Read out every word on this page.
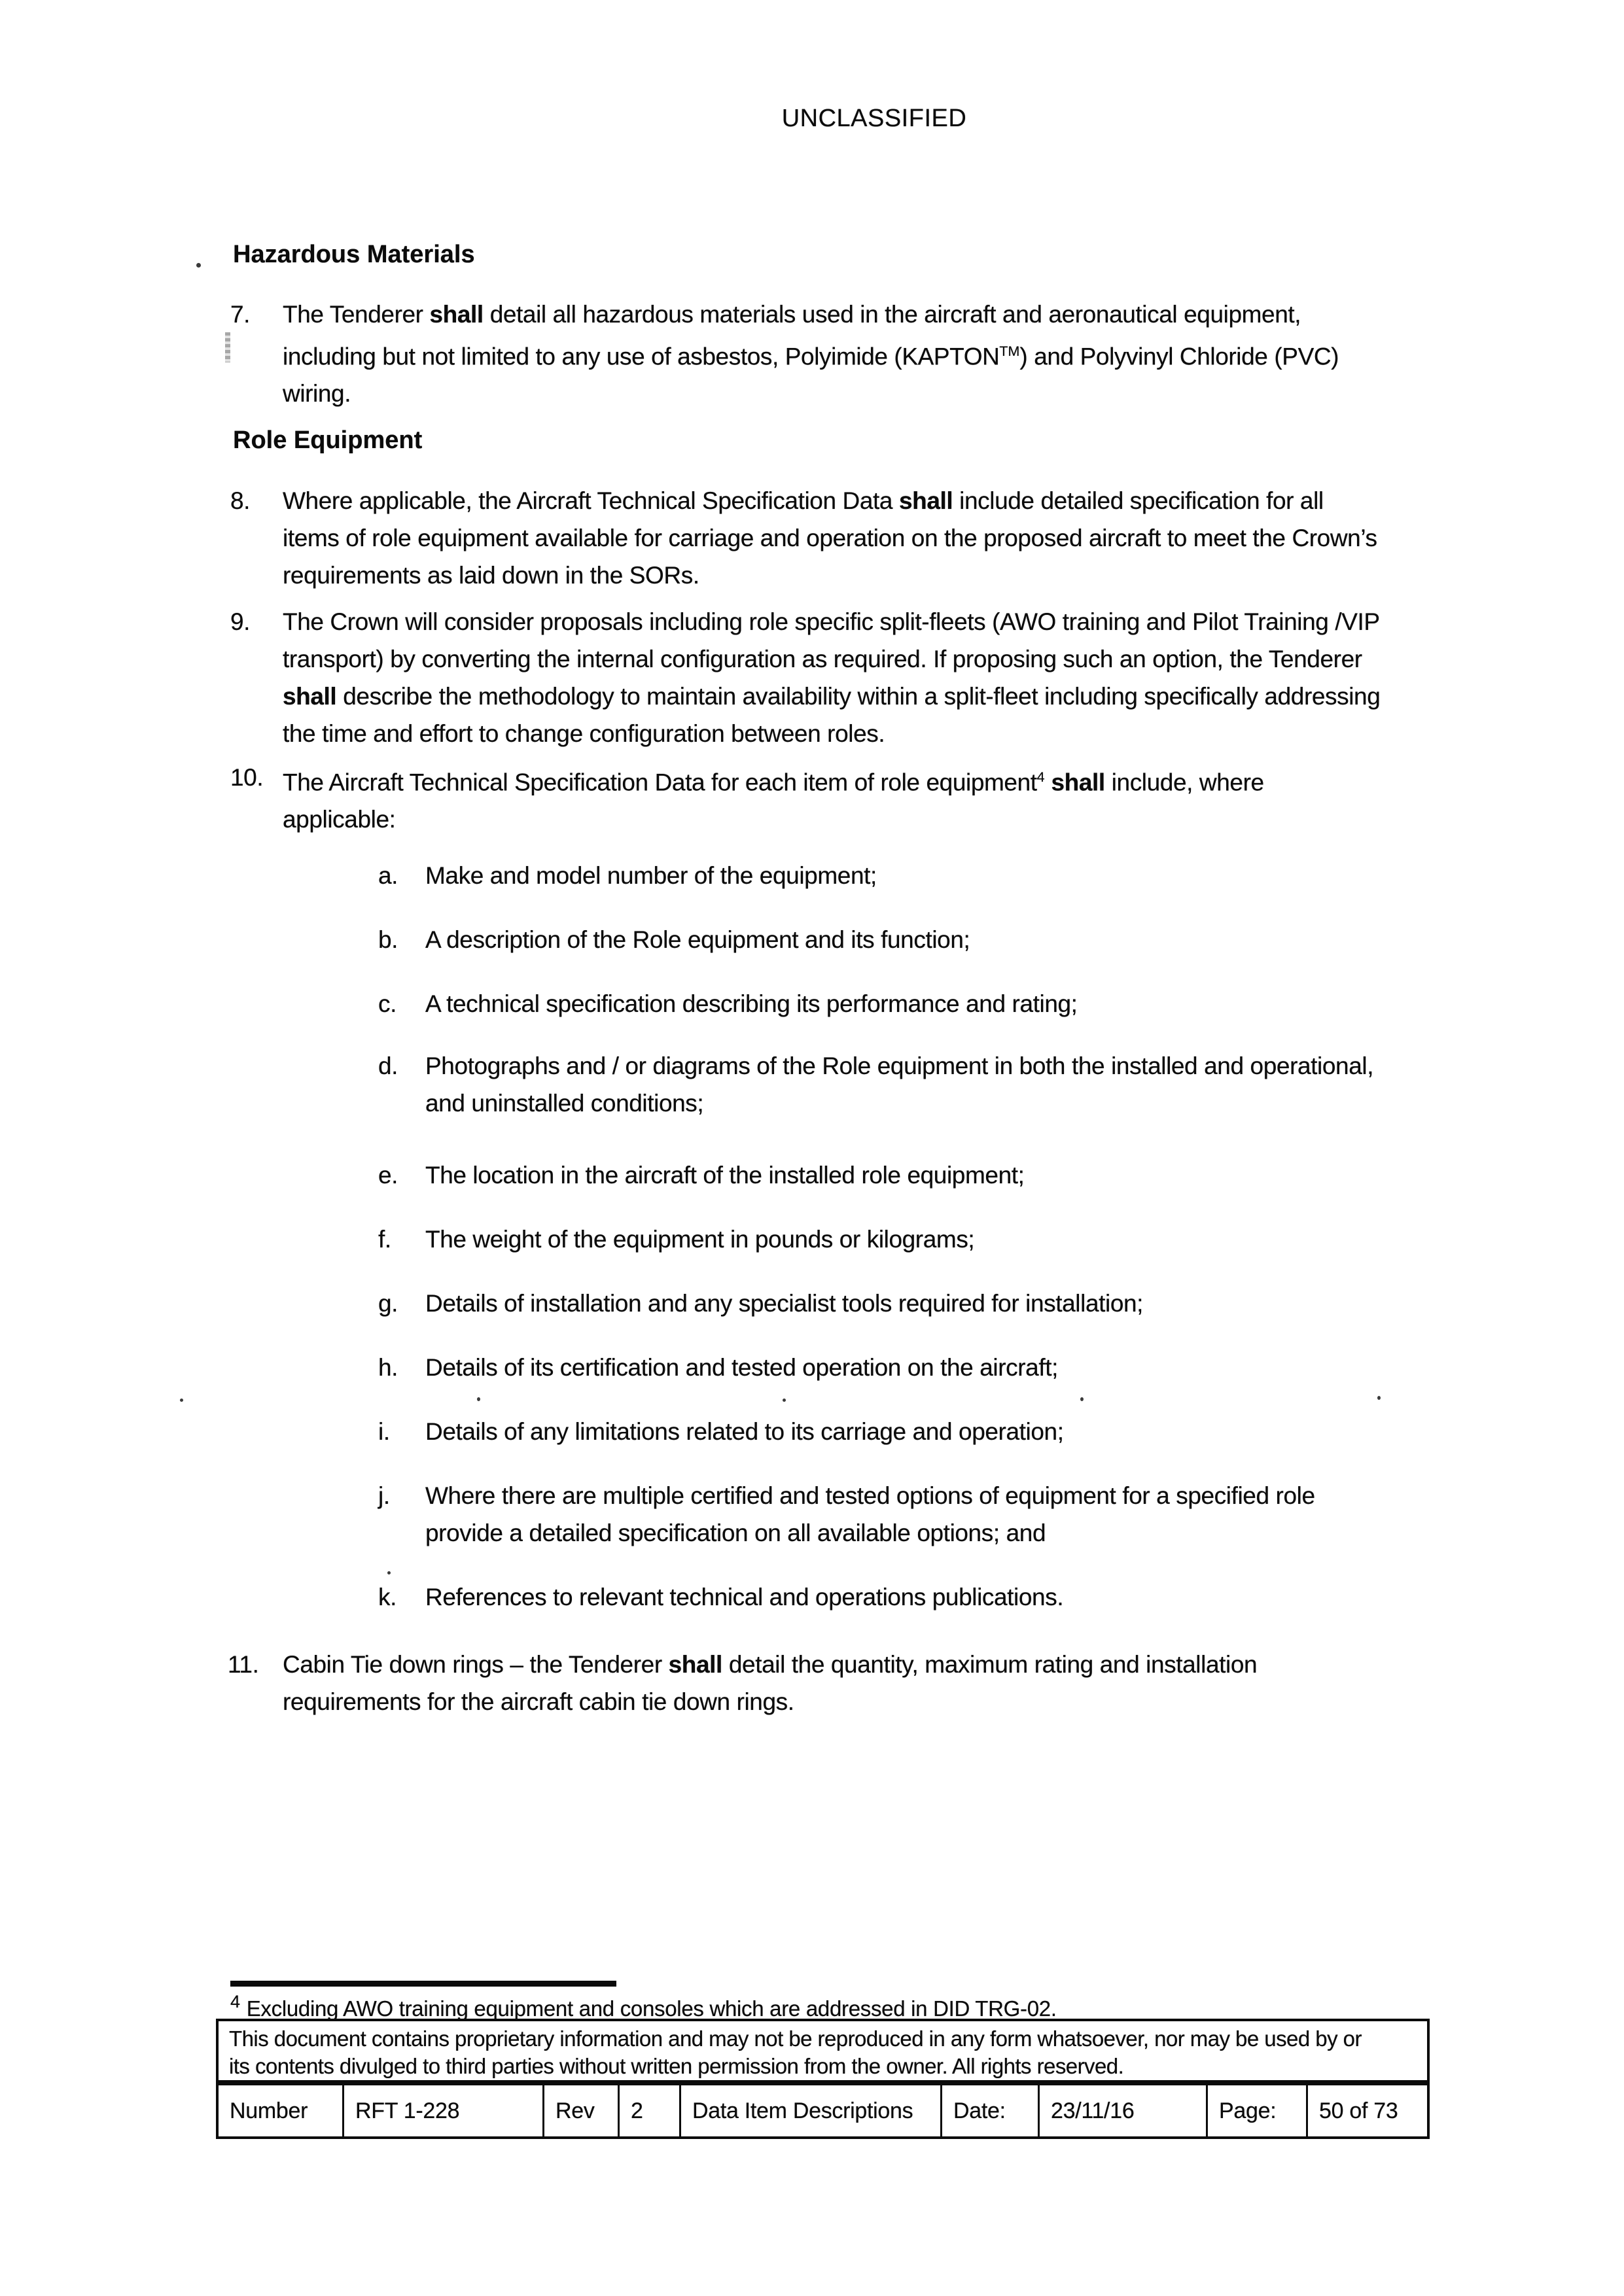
UNCLASSIFIED
Hazardous Materials
7. The Tenderer shall detail all hazardous materials used in the aircraft and aeronautical equipment,
including but not limited to any use of asbestos, Polyimide (KAPTON™) and Polyvinyl Chloride (PVC)
wiring.
Role Equipment
8. Where applicable, the Aircraft Technical Specification Data shall include detailed specification for all
items of role equipment available for carriage and operation on the proposed aircraft to meet the Crown’s
requirements as laid down in the SORs.
9. The Crown will consider proposals including role specific split-fleets (AWO training and Pilot Training /VIP
transport) by converting the internal configuration as required. If proposing such an option, the Tenderer
shall describe the methodology to maintain availability within a split-fleet including specifically addressing
the time and effort to change configuration between roles.
10. The Aircraft Technical Specification Data for each item of role equipment$^4$ shall include, where
applicable:
a. Make and model number of the equipment;
b. A description of the Role equipment and its function;
c. A technical specification describing its performance and rating;
d. Photographs and / or diagrams of the Role equipment in both the installed and operational,
and uninstalled conditions;
e. The location in the aircraft of the installed role equipment;
f. The weight of the equipment in pounds or kilograms;
g. Details of installation and any specialist tools required for installation;
h. Details of its certification and tested operation on the aircraft;
i. Details of any limitations related to its carriage and operation;
j. Where there are multiple certified and tested options of equipment for a specified role
provide a detailed specification on all available options; and
k. References to relevant technical and operations publications.
11. Cabin Tie down rings – the Tenderer shall detail the quantity, maximum rating and installation
requirements for the aircraft cabin tie down rings.
4 Excluding AWO training equipment and consoles which are addressed in DID TRG-02.
This document contains proprietary information and may not be reproduced in any form whatsoever, nor may be used by or
its contents divulged to third parties without written permission from the owner. All rights reserved.
Number	RFT 1-228	Rev	2	Data Item Descriptions	Date:	23/11/16	Page:	50 of 73
